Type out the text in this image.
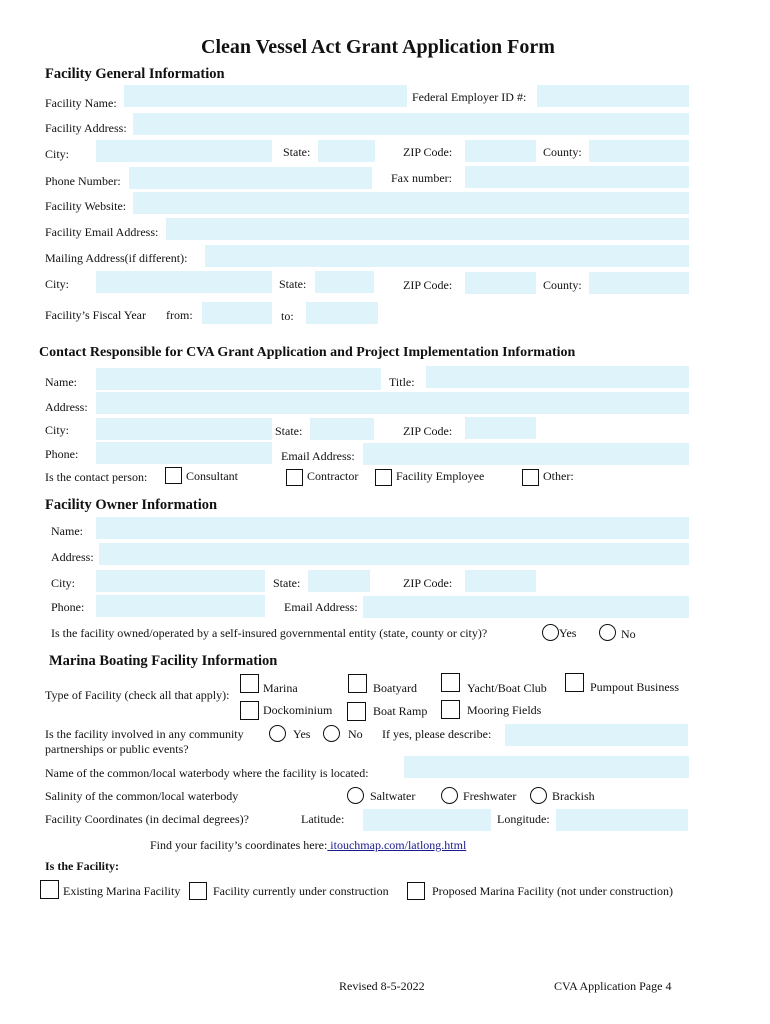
Clean Vessel Act Grant Application Form
Facility General Information
Facility Name:	Federal Employer ID #:
Facility Address:
City:	State:	ZIP Code:	County:
Phone Number:	Fax number:
Facility Website:
Facility Email Address:
Mailing Address(if different):
City:	State:	ZIP Code:	County:
Facility’s Fiscal Year from:	to:
Contact Responsible for CVA Grant Application and Project Implementation Information
Name:	Title:
Address:
City:	State:	ZIP Code:
Phone:	Email Address:
Is the contact person:	Consultant	Contractor	Facility Employee	Other:
Facility Owner Information
Name:
Address:
City:	State:	ZIP Code:
Phone:	Email Address:
Is the facility owned/operated by a self-insured governmental entity (state, county or city)?	Yes	No
Marina Boating Facility Information
Type of Facility (check all that apply):	Marina	Boatyard	Yacht/Boat Club	Pumpout Business
Dockominium	Boat Ramp	Mooring Fields
Is the facility involved in any community
partnerships or public events?
Yes	No If yes, please describe:
Name of the common/local waterbody where the facility is located:
Salinity of the common/local waterbody	Saltwater	Freshwater	Brackish
Facility Coordinates (in decimal degrees)?	Latitude:	Longitude:
Find your facility’s coordinates here: itouchmap.com/latlong.html
Is the Facility:
Existing Marina Facility	Facility currently under construction	Proposed Marina Facility (not under construction)
Revised 8-5-2022	CVA Application Page 4
